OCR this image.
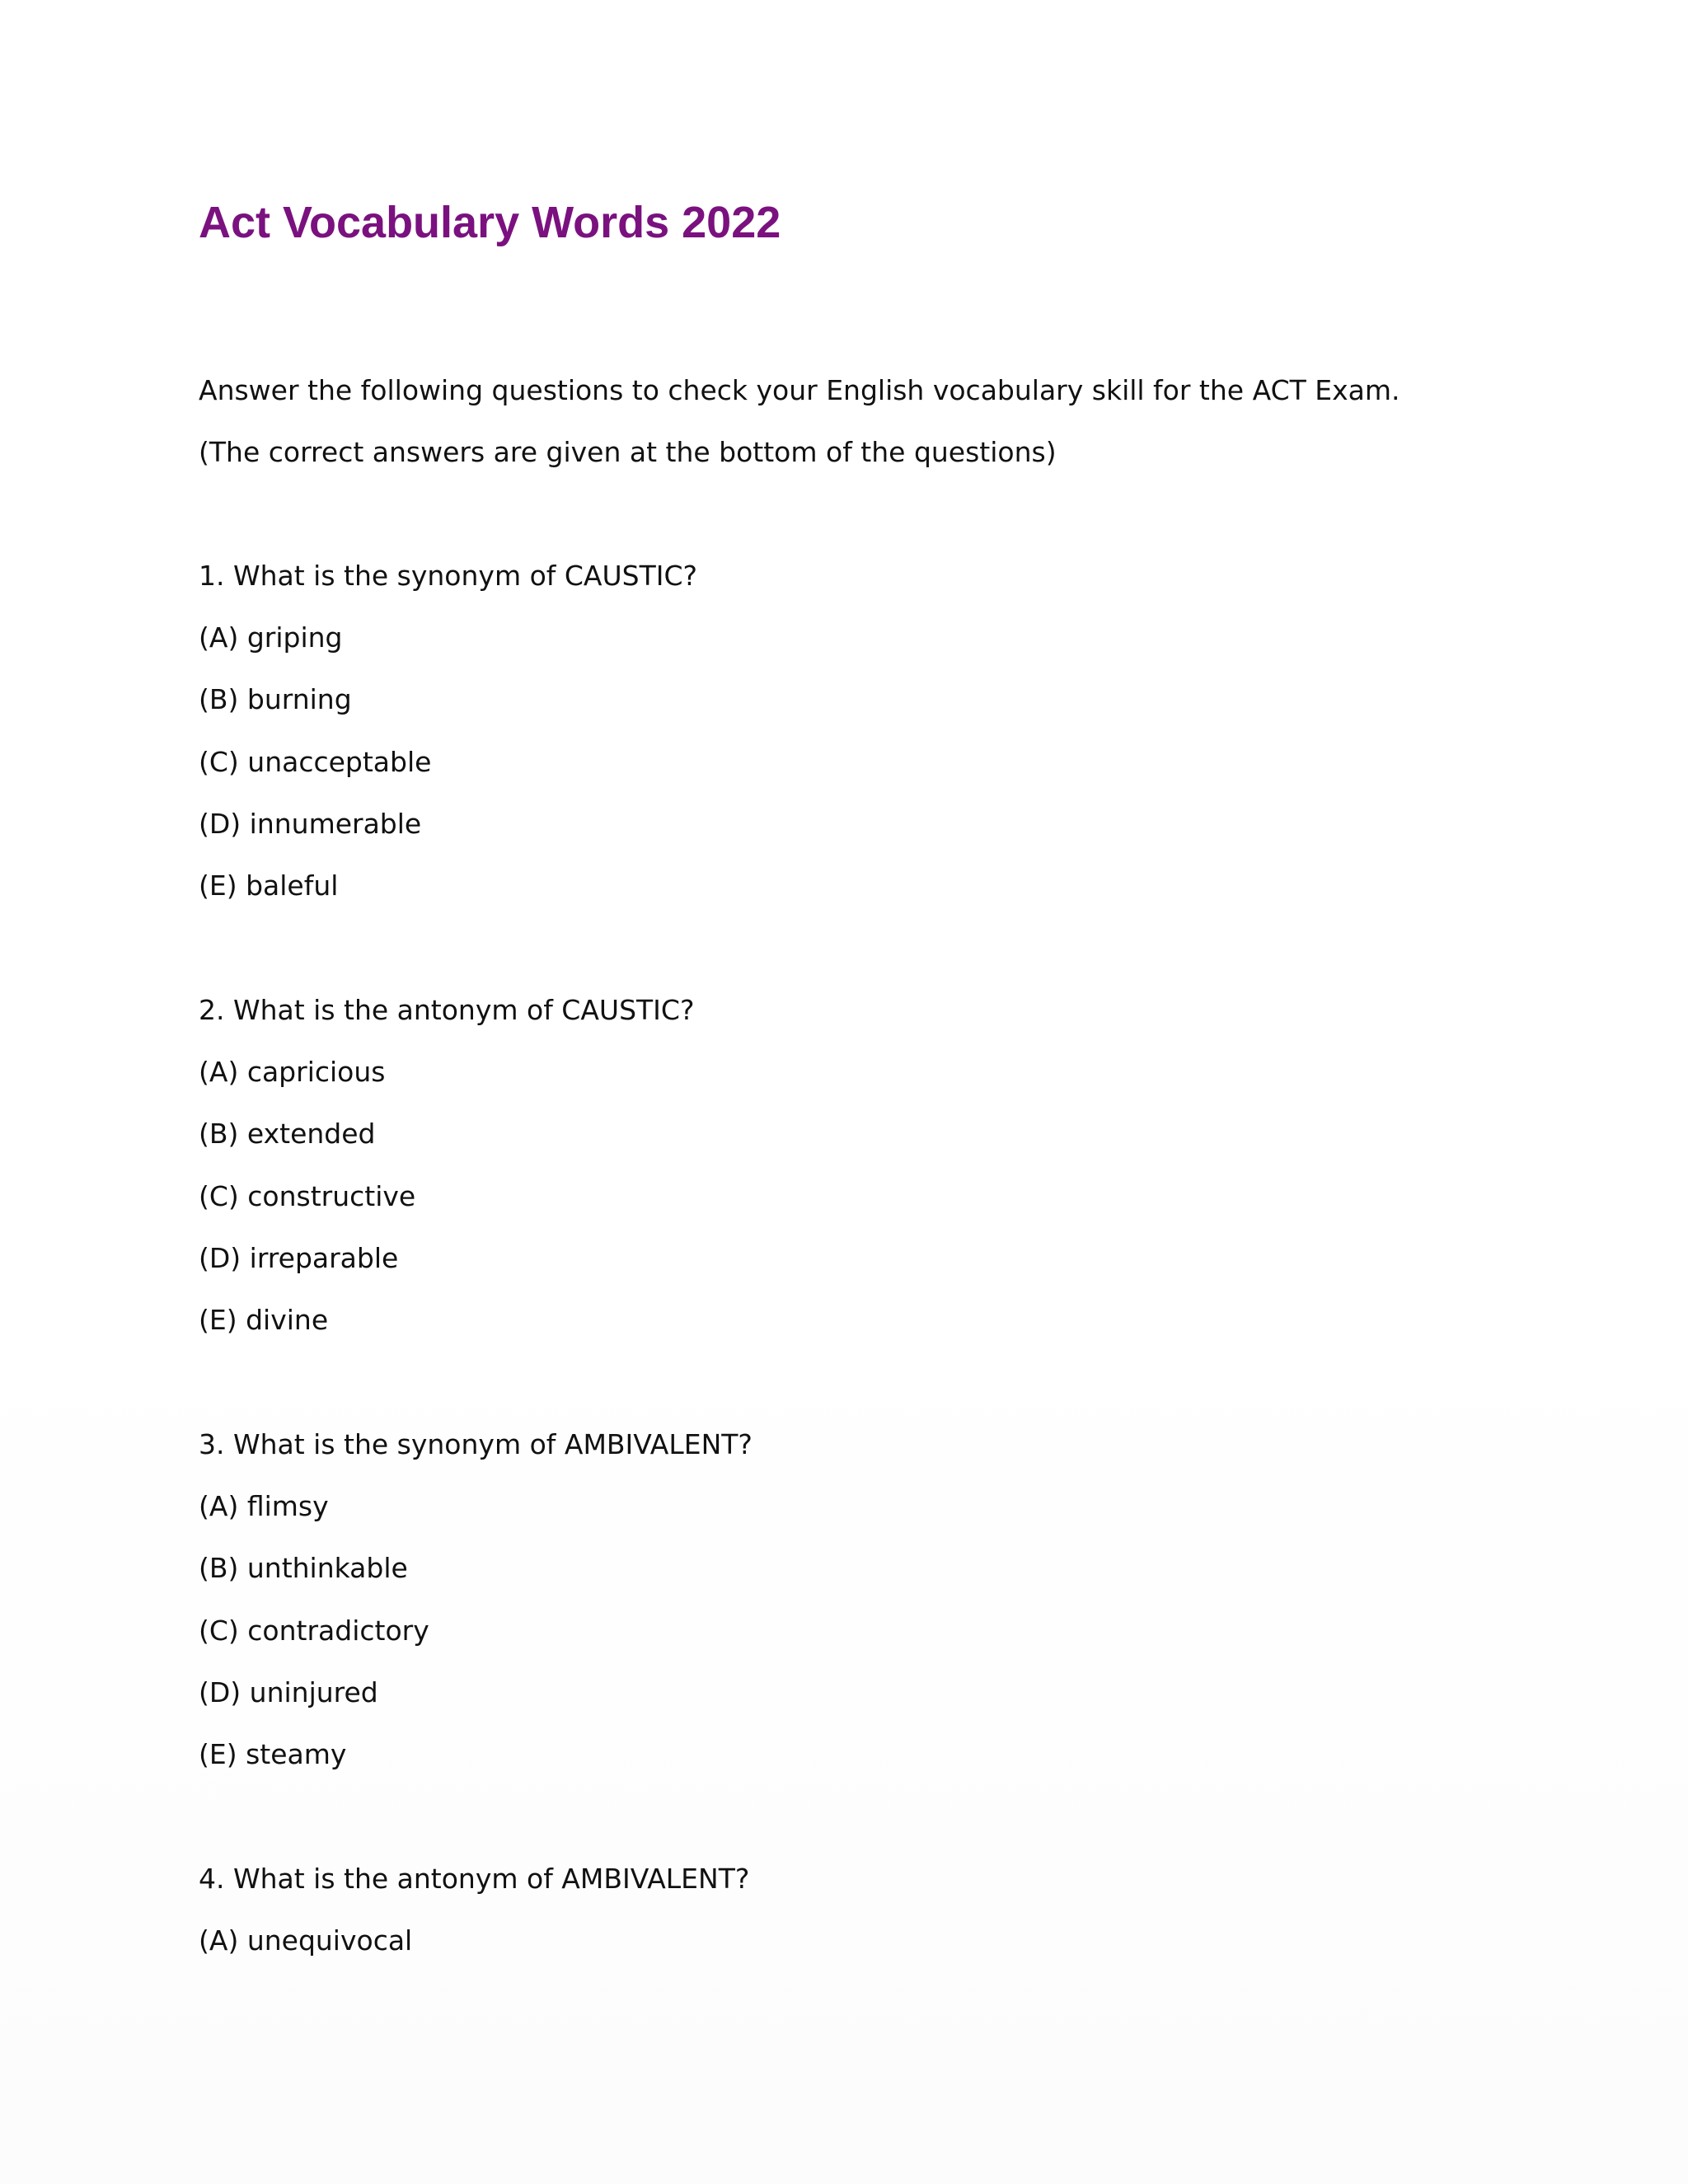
Act Vocabulary Words 2022

Answer the following questions to check your English vocabulary skill for the ACT Exam.

(The correct answers are given at the bottom of the questions)

1. What is the synonym of CAUSTIC?

(A) griping

(B) burning

(C) unacceptable

(D) innumerable

(E) baleful

2. What is the antonym of CAUSTIC?

(A) capricious

(B) extended

(C) constructive

(D) irreparable

(E) divine

3. What is the synonym of AMBIVALENT?

(A) flimsy

(B) unthinkable

(C) contradictory

(D) uninjured

(E) steamy

4. What is the antonym of AMBIVALENT?

(A) unequivocal
